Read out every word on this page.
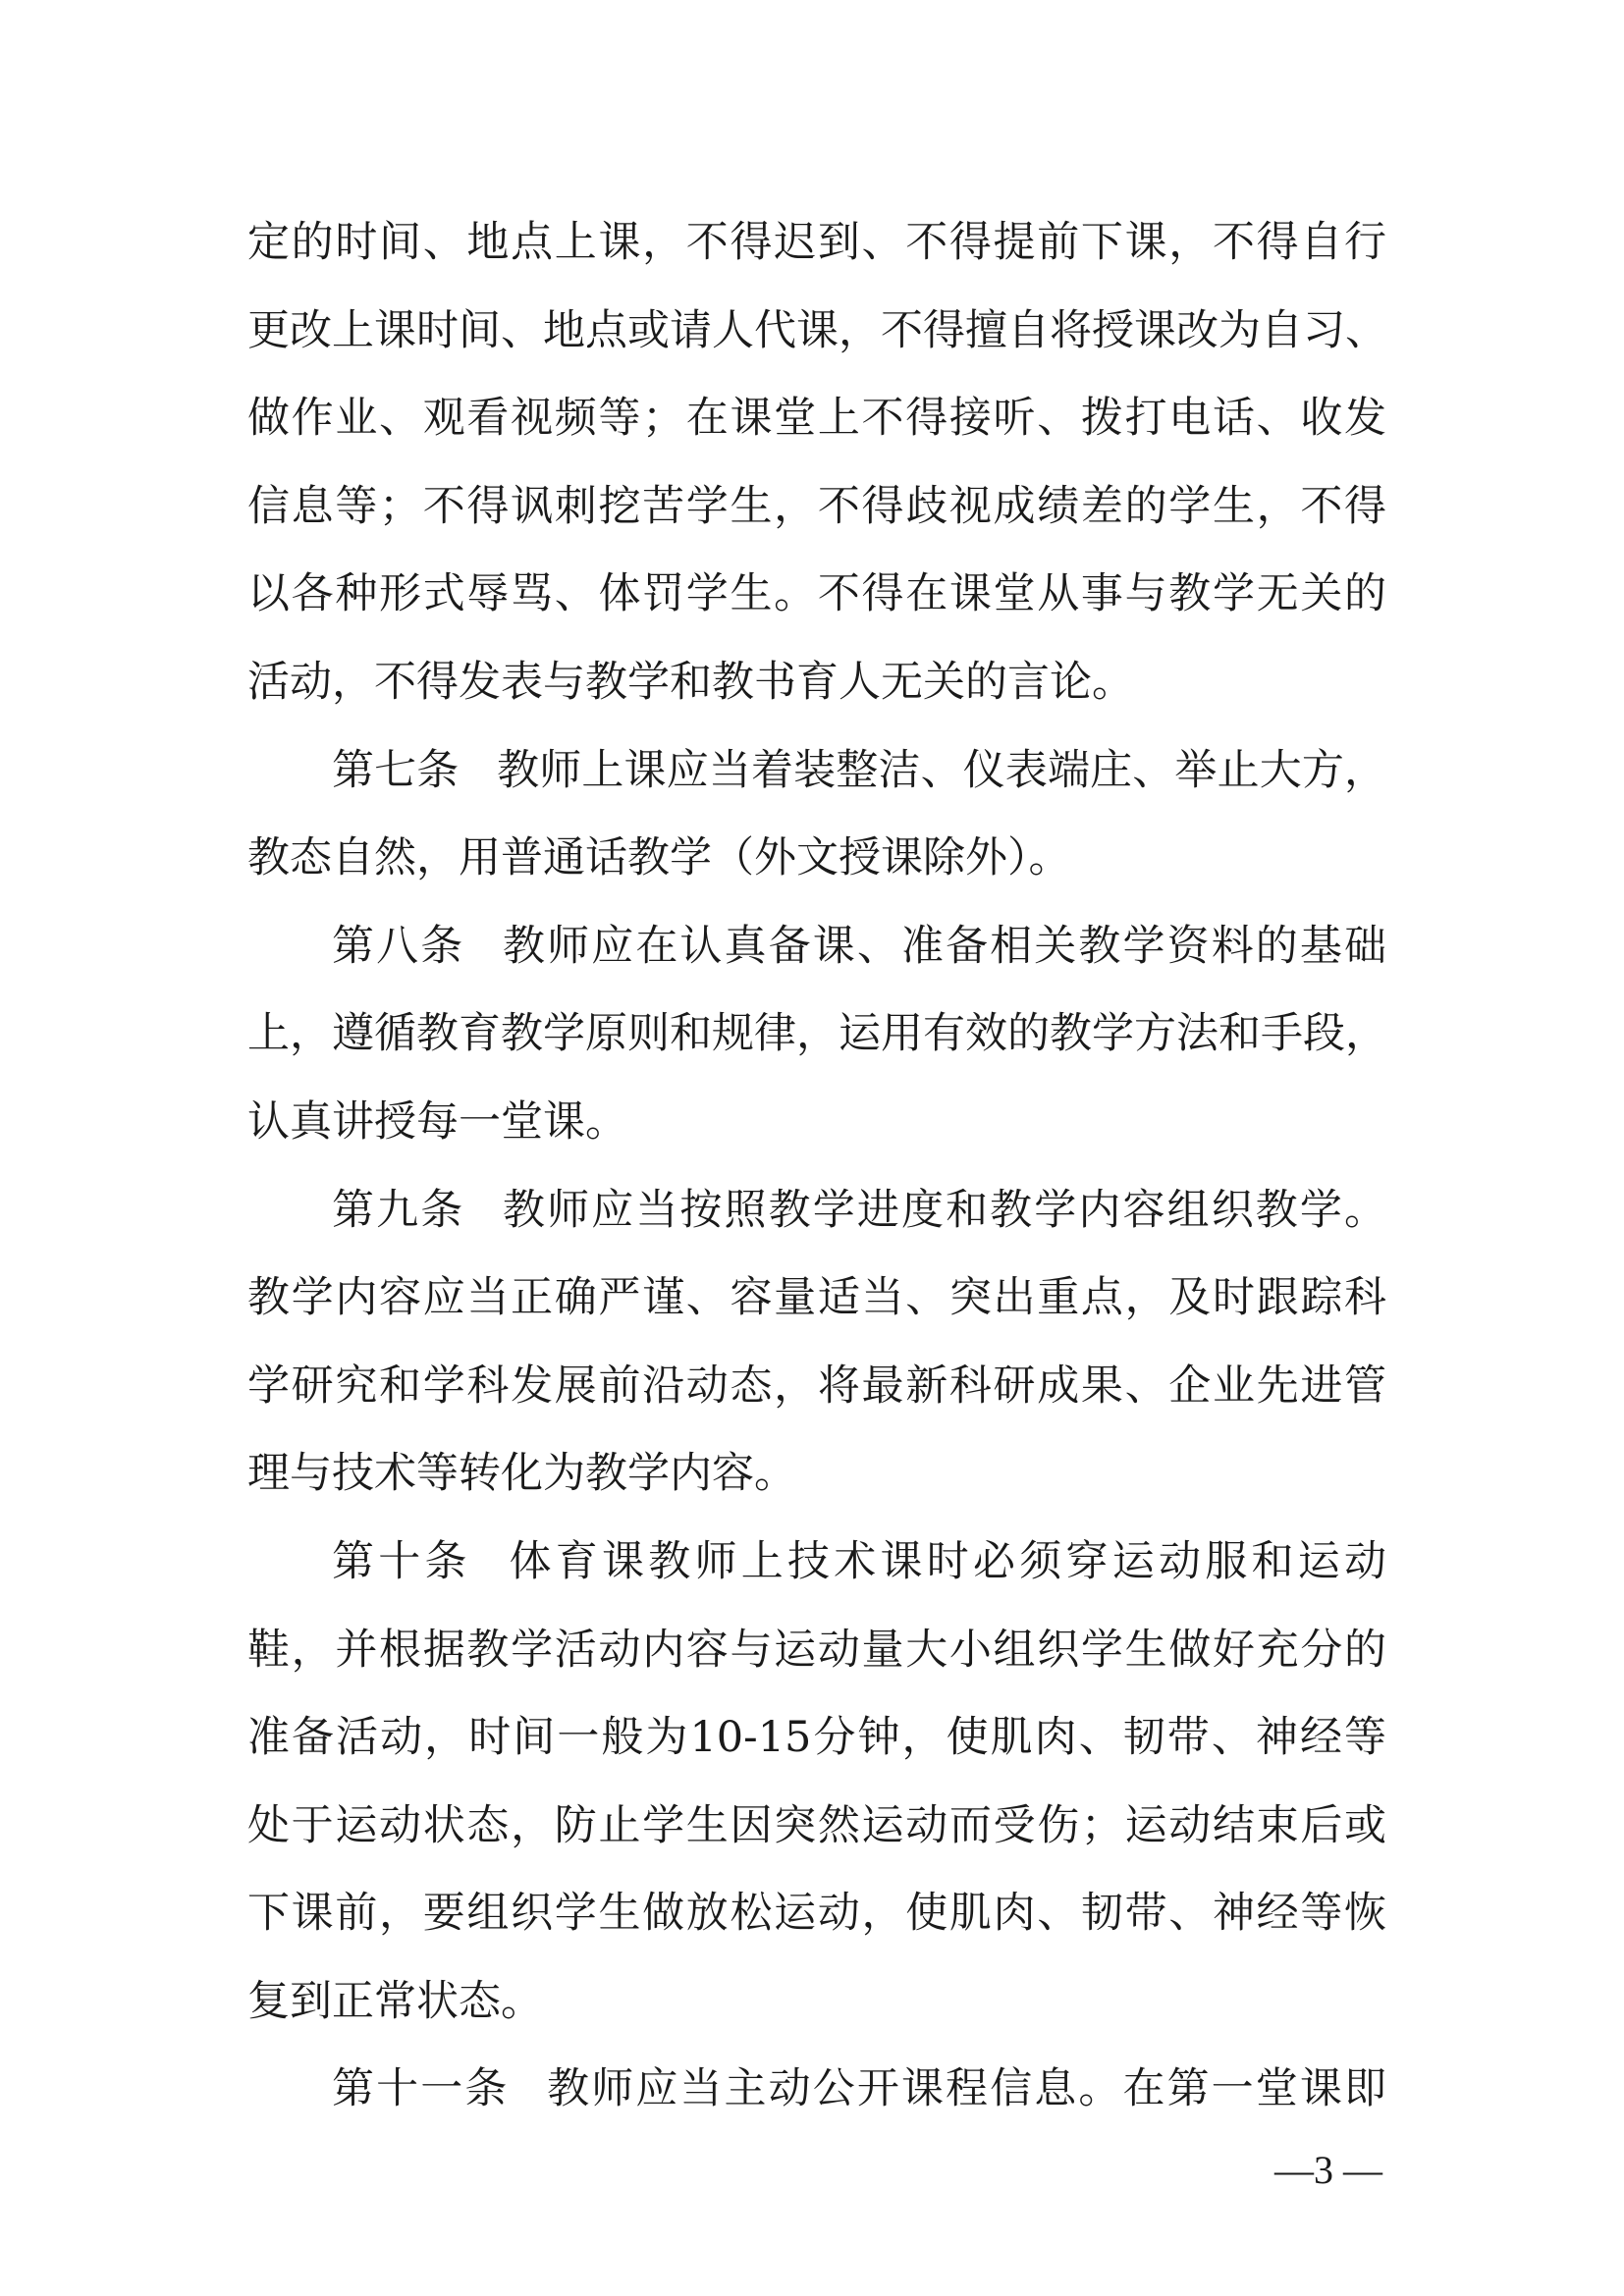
定的时间、地点上课，不得迟到、不得提前下课，不得自行
更改上课时间、地点或请人代课，不得擅自将授课改为自习、
做作业、观看视频等；在课堂上不得接听、拨打电话、收发
信息等；不得讽刺挖苦学生，不得歧视成绩差的学生，不得
以各种形式辱骂、体罚学生。不得在课堂从事与教学无关的
活动，不得发表与教学和教书育人无关的言论。
第七条 教师上课应当着装整洁、仪表端庄、举止大方，
教态自然，用普通话教学（外文授课除外）。
第八条 教师应在认真备课、准备相关教学资料的基础
上，遵循教育教学原则和规律，运用有效的教学方法和手段，
认真讲授每一堂课。
第九条 教师应当按照教学进度和教学内容组织教学。
教学内容应当正确严谨、容量适当、突出重点，及时跟踪科
学研究和学科发展前沿动态，将最新科研成果、企业先进管
理与技术等转化为教学内容。
第十条 体育课教师上技术课时必须穿运动服和运动
鞋，并根据教学活动内容与运动量大小组织学生做好充分的
准备活动，时间一般为10-15分钟，使肌肉、韧带、神经等
处于运动状态，防止学生因突然运动而受伤；运动结束后或
下课前，要组织学生做放松运动，使肌肉、韧带、神经等恢
复到正常状态。
第十一条 教师应当主动公开课程信息。在第一堂课即
—3 —
